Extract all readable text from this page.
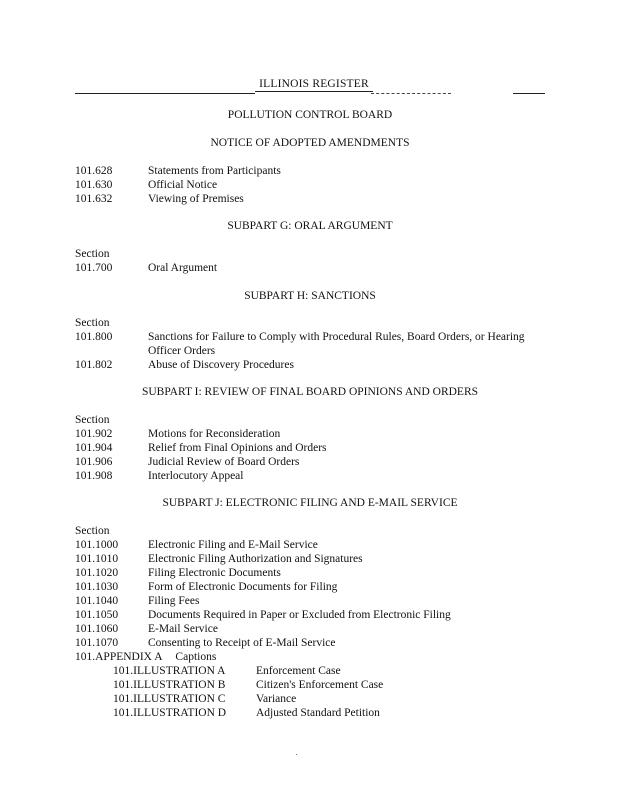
ILLINOIS REGISTER
POLLUTION CONTROL BOARD
NOTICE OF ADOPTED AMENDMENTS
101.628	Statements from Participants
101.630	Official Notice
101.632	Viewing of Premises
SUBPART G: ORAL ARGUMENT
Section
101.700	Oral Argument
SUBPART H: SANCTIONS
Section
101.800	Sanctions for Failure to Comply with Procedural Rules, Board Orders, or Hearing
Officer Orders
101.802	Abuse of Discovery Procedures
SUBPART I: REVIEW OF FINAL BOARD OPINIONS AND ORDERS
Section
101.902	Motions for Reconsideration
101.904	Relief from Final Opinions and Orders
101.906	Judicial Review of Board Orders
101.908	Interlocutory Appeal
SUBPART J: ELECTRONIC FILING AND E-MAIL SERVICE
Section
101.1000	Electronic Filing and E-Mail Service
101.1010	Electronic Filing Authorization and Signatures
101.1020	Filing Electronic Documents
101.1030	Form of Electronic Documents for Filing
101.1040	Filing Fees
101.1050	Documents Required in Paper or Excluded from Electronic Filing
101.1060	E-Mail Service
101.1070	Consenting to Receipt of E-Mail Service
101.APPENDIX A Captions
101.ILLUSTRATION A	Enforcement Case
101.ILLUSTRATION B	Citizen's Enforcement Case
101.ILLUSTRATION C	Variance
101.ILLUSTRATION D	Adjusted Standard Petition
